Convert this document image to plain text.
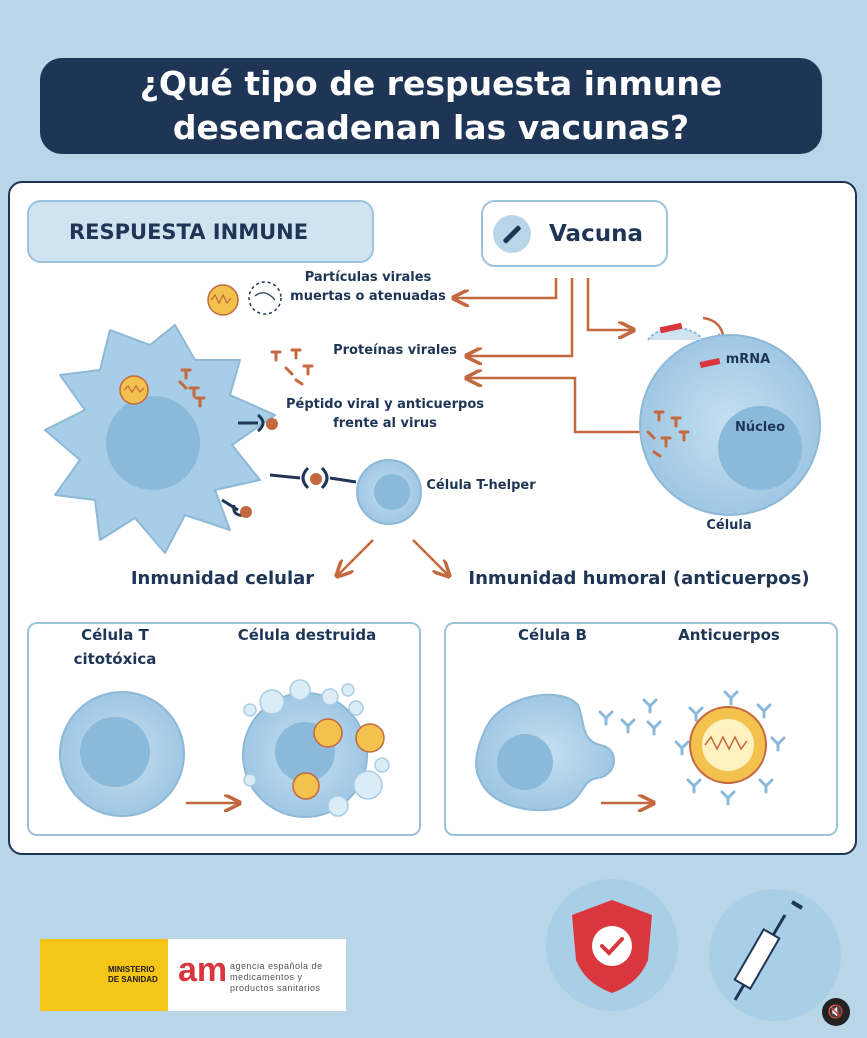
¿Qué tipo de respuesta inmune
desencadenan las vacunas?
RESPUESTA INMUNE	Vacuna
Partículas virales
muertas o atenuadas
Proteínas virales
Péptido viral y anticuerpos
frente al virus
Célula T-helper
mRNA
Núcleo
Célula
Inmunidad celular	Inmunidad humoral (anticuerpos)
Célula T
citotóxica
Célula destruida	Célula B	Anticuerpos
MINISTERIO
DE SANIDAD am agencia española de
medicamentos y
productos sanitarios
🔇
